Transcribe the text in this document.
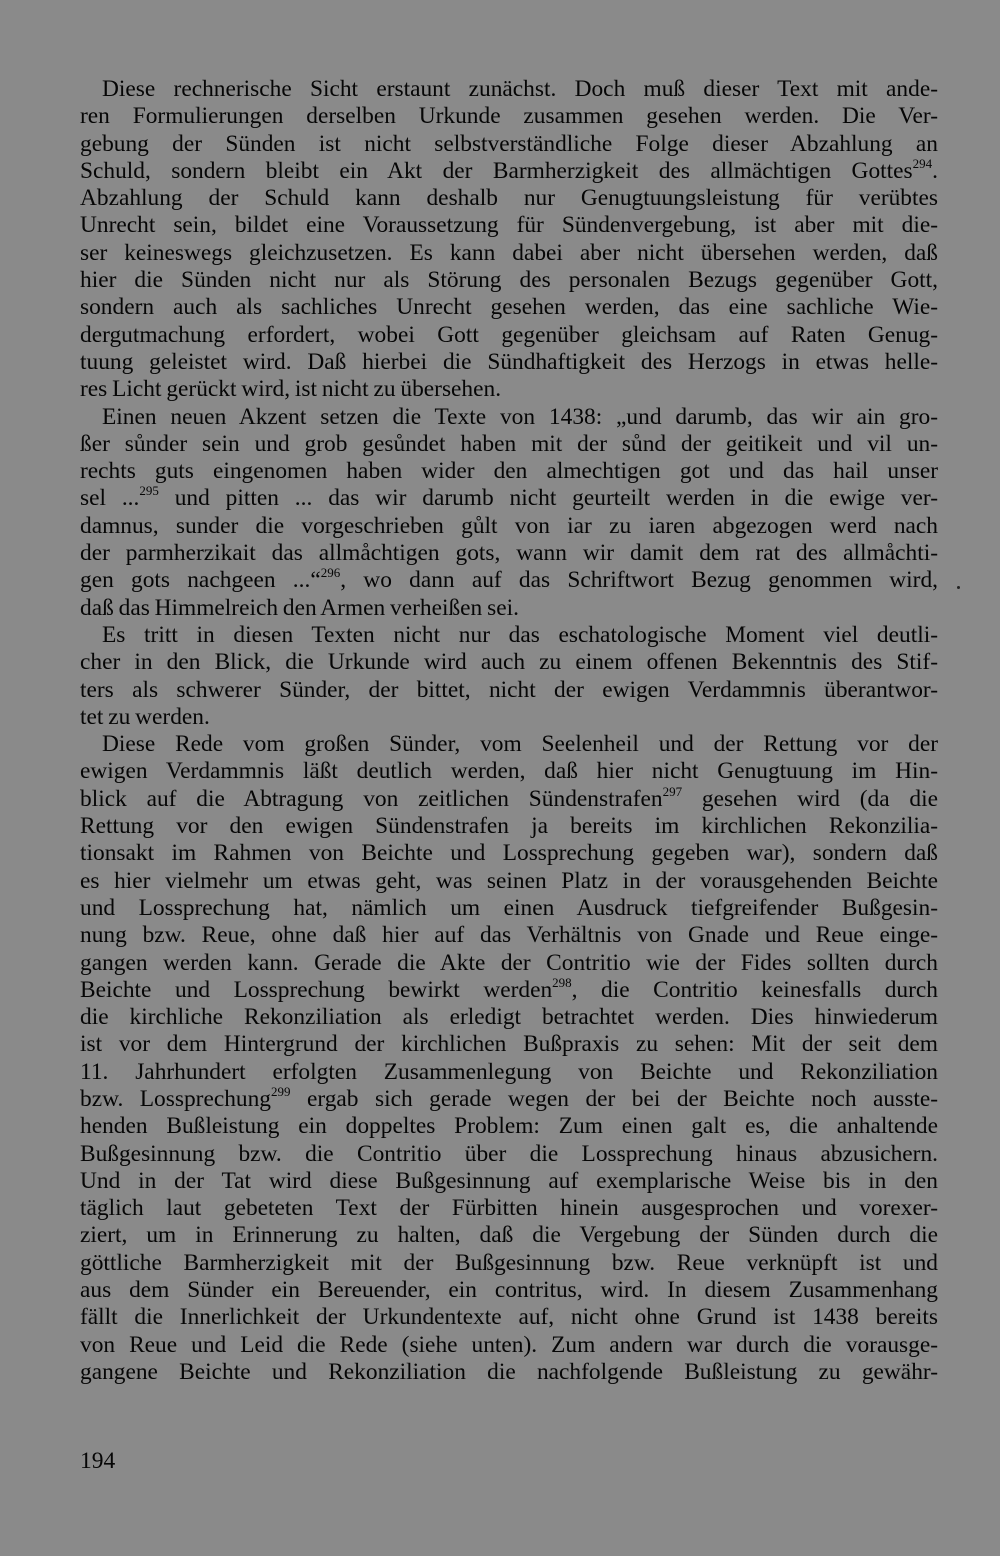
Diese rechnerische Sicht erstaunt zunächst. Doch muß dieser Text mit ande-
ren Formulierungen derselben Urkunde zusammen gesehen werden. Die Ver-
gebung der Sünden ist nicht selbstverständliche Folge dieser Abzahlung an
Schuld, sondern bleibt ein Akt der Barmherzigkeit des allmächtigen Gottes$^{294}$.
Abzahlung der Schuld kann deshalb nur Genugtuungsleistung für verübtes
Unrecht sein, bildet eine Voraussetzung für Sündenvergebung, ist aber mit die-
ser keineswegs gleichzusetzen. Es kann dabei aber nicht übersehen werden, daß
hier die Sünden nicht nur als Störung des personalen Bezugs gegenüber Gott,
sondern auch als sachliches Unrecht gesehen werden, das eine sachliche Wie-
dergutmachung erfordert, wobei Gott gegenüber gleichsam auf Raten Genug-
tuung geleistet wird. Daß hierbei die Sündhaftigkeit des Herzogs in etwas helle-
res Licht gerückt wird, ist nicht zu übersehen.
Einen neuen Akzent setzen die Texte von 1438: „und darumb, das wir ain gro-
ßer sůnder sein und grob gesůndet haben mit der sůnd der geitikeit und vil un-
rechts guts eingenomen haben wider den almechtigen got und das hail unser
sel ...$^{295}$ und pitten ... das wir darumb nicht geurteilt werden in die ewige ver-
damnus, sunder die vorgeschrieben gůlt von iar zu iaren abgezogen werd nach
der parmherzikait das allmåchtigen gots, wann wir damit dem rat des allmåchti-
gen gots nachgeen ...“$^{296}$, wo dann auf das Schriftwort Bezug genommen wird,
daß das Himmelreich den Armen verheißen sei.
Es tritt in diesen Texten nicht nur das eschatologische Moment viel deutli-
cher in den Blick, die Urkunde wird auch zu einem offenen Bekenntnis des Stif-
ters als schwerer Sünder, der bittet, nicht der ewigen Verdammnis überantwor-
tet zu werden.
Diese Rede vom großen Sünder, vom Seelenheil und der Rettung vor der
ewigen Verdammnis läßt deutlich werden, daß hier nicht Genugtuung im Hin-
blick auf die Abtragung von zeitlichen Sündenstrafen$^{297}$ gesehen wird (da die
Rettung vor den ewigen Sündenstrafen ja bereits im kirchlichen Rekonzilia-
tionsakt im Rahmen von Beichte und Lossprechung gegeben war), sondern daß
es hier vielmehr um etwas geht, was seinen Platz in der vorausgehenden Beichte
und Lossprechung hat, nämlich um einen Ausdruck tiefgreifender Bußgesin-
nung bzw. Reue, ohne daß hier auf das Verhältnis von Gnade und Reue einge-
gangen werden kann. Gerade die Akte der Contritio wie der Fides sollten durch
Beichte und Lossprechung bewirkt werden$^{298}$, die Contritio keinesfalls durch
die kirchliche Rekonziliation als erledigt betrachtet werden. Dies hinwiederum
ist vor dem Hintergrund der kirchlichen Bußpraxis zu sehen: Mit der seit dem
11. Jahrhundert erfolgten Zusammenlegung von Beichte und Rekonziliation
bzw. Lossprechung$^{299}$ ergab sich gerade wegen der bei der Beichte noch ausste-
henden Bußleistung ein doppeltes Problem: Zum einen galt es, die anhaltende
Bußgesinnung bzw. die Contritio über die Lossprechung hinaus abzusichern.
Und in der Tat wird diese Bußgesinnung auf exemplarische Weise bis in den
täglich laut gebeteten Text der Fürbitten hinein ausgesprochen und vorexer-
ziert, um in Erinnerung zu halten, daß die Vergebung der Sünden durch die
göttliche Barmherzigkeit mit der Bußgesinnung bzw. Reue verknüpft ist und
aus dem Sünder ein Bereuender, ein contritus, wird. In diesem Zusammenhang
fällt die Innerlichkeit der Urkundentexte auf, nicht ohne Grund ist 1438 bereits
von Reue und Leid die Rede (siehe unten). Zum andern war durch die vorausge-
gangene Beichte und Rekonziliation die nachfolgende Bußleistung zu gewähr-
194
